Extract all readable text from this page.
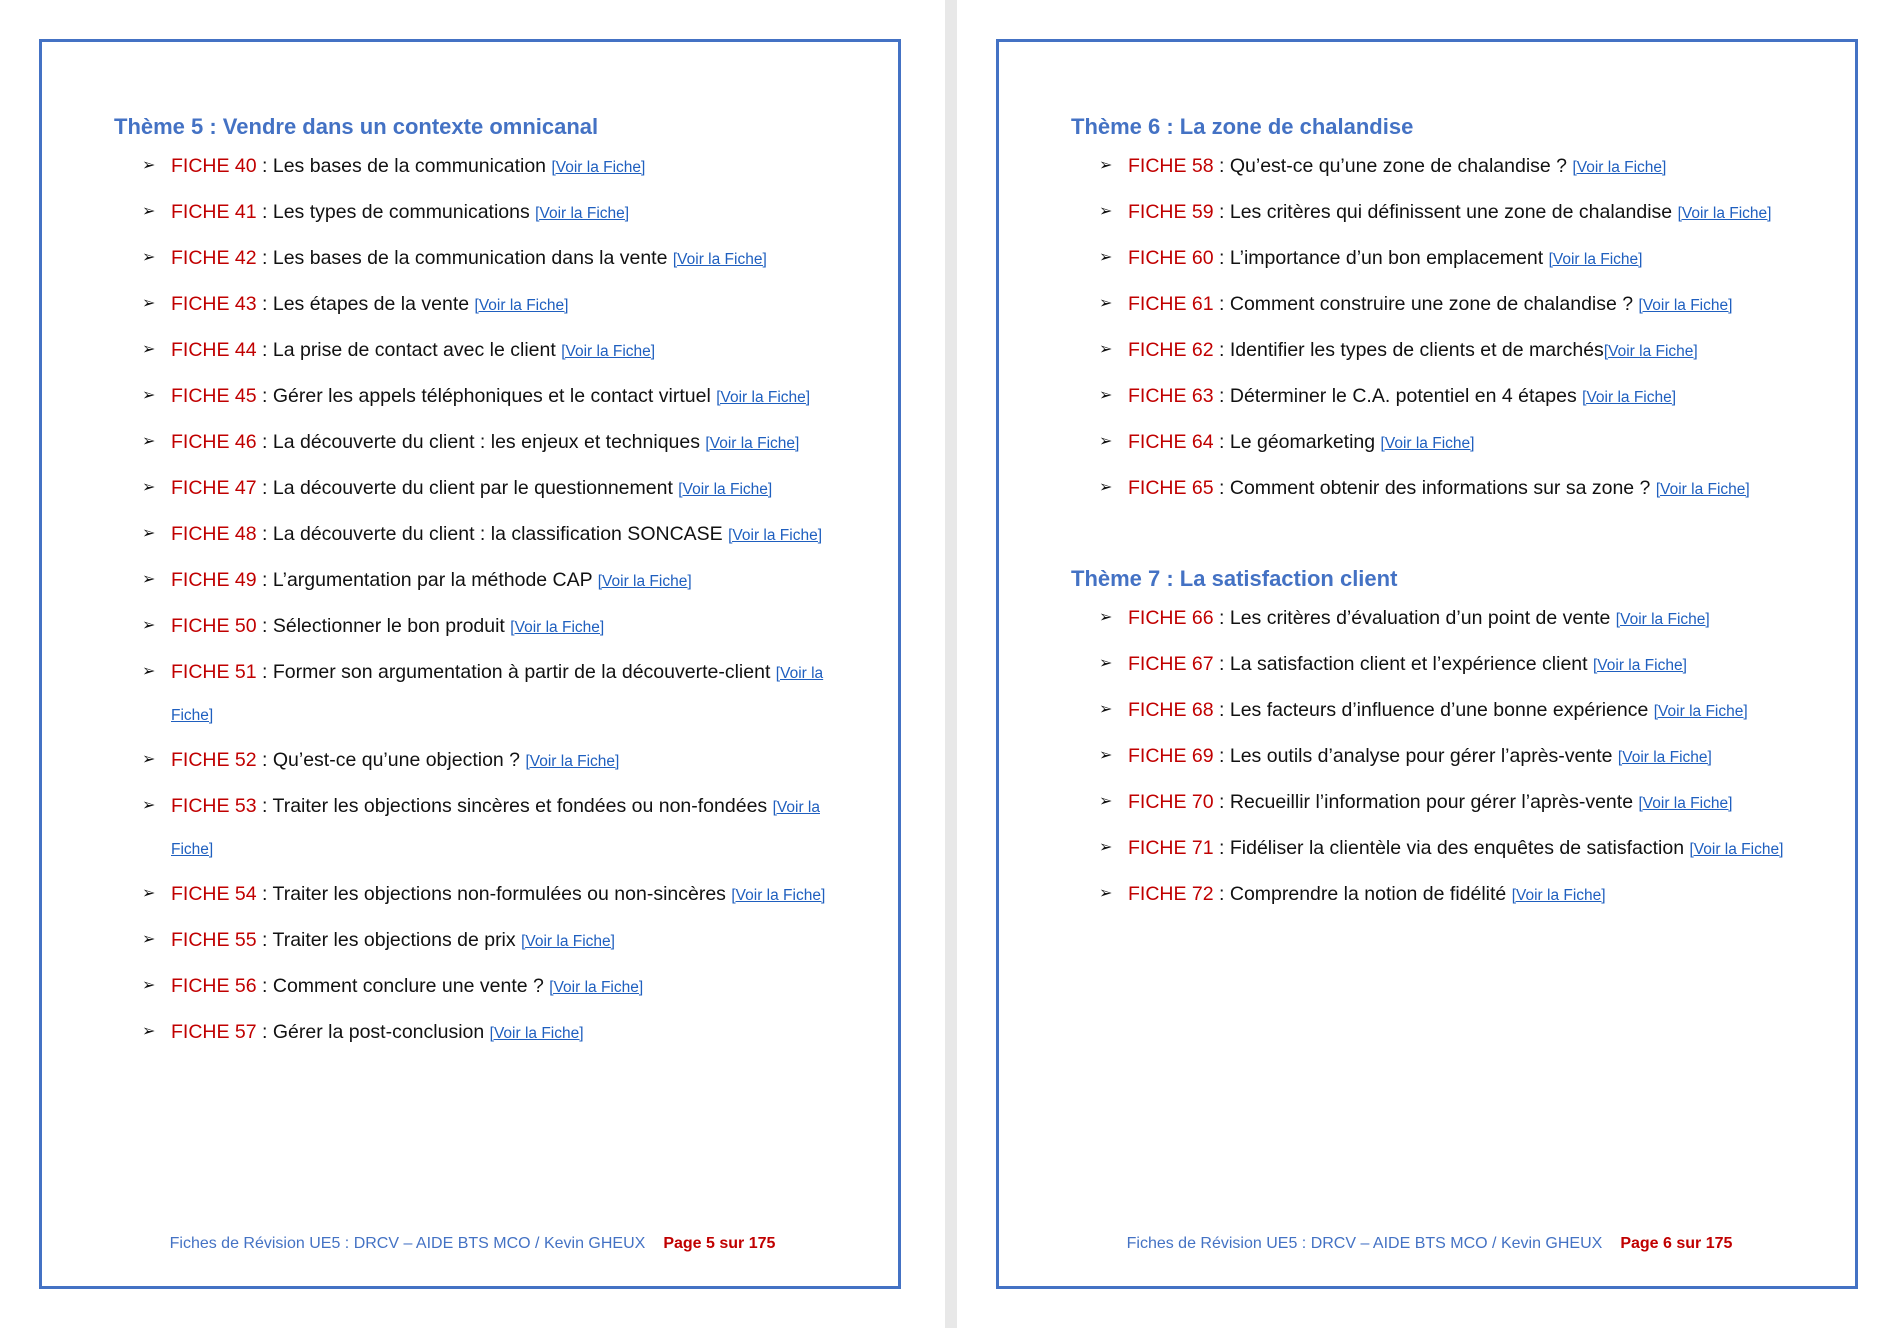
Thème 5 : Vendre dans un contexte omnicanal
➢ FICHE 40 : Les bases de la communication [Voir la Fiche]
➢ FICHE 41 : Les types de communications [Voir la Fiche]
➢ FICHE 42 : Les bases de la communication dans la vente [Voir la Fiche]
➢ FICHE 43 : Les étapes de la vente [Voir la Fiche]
➢ FICHE 44 : La prise de contact avec le client [Voir la Fiche]
➢ FICHE 45 : Gérer les appels téléphoniques et le contact virtuel [Voir la Fiche]
➢ FICHE 46 : La découverte du client : les enjeux et techniques [Voir la Fiche]
➢ FICHE 47 : La découverte du client par le questionnement [Voir la Fiche]
➢ FICHE 48 : La découverte du client : la classification SONCASE [Voir la Fiche]
➢ FICHE 49 : L’argumentation par la méthode CAP [Voir la Fiche]
➢ FICHE 50 : Sélectionner le bon produit [Voir la Fiche]
➢ FICHE 51 : Former son argumentation à partir de la découverte-client [Voir la Fiche]
➢ FICHE 52 : Qu’est-ce qu’une objection ? [Voir la Fiche]
➢ FICHE 53 : Traiter les objections sincères et fondées ou non-fondées [Voir la Fiche]
➢ FICHE 54 : Traiter les objections non-formulées ou non-sincères [Voir la Fiche]
➢ FICHE 55 : Traiter les objections de prix [Voir la Fiche]
➢ FICHE 56 : Comment conclure une vente ? [Voir la Fiche]
➢ FICHE 57 : Gérer la post-conclusion [Voir la Fiche]
Fiches de Révision UE5 : DRCV – AIDE BTS MCO / Kevin GHEUX Page 5 sur 175
Thème 6 : La zone de chalandise
➢ FICHE 58 : Qu’est-ce qu’une zone de chalandise ? [Voir la Fiche]
➢ FICHE 59 : Les critères qui définissent une zone de chalandise [Voir la Fiche]
➢ FICHE 60 : L’importance d’un bon emplacement [Voir la Fiche]
➢ FICHE 61 : Comment construire une zone de chalandise ? [Voir la Fiche]
➢ FICHE 62 : Identifier les types de clients et de marchés[Voir la Fiche]
➢ FICHE 63 : Déterminer le C.A. potentiel en 4 étapes [Voir la Fiche]
➢ FICHE 64 : Le géomarketing [Voir la Fiche]
➢ FICHE 65 : Comment obtenir des informations sur sa zone ? [Voir la Fiche]
Thème 7 : La satisfaction client
➢ FICHE 66 : Les critères d’évaluation d’un point de vente [Voir la Fiche]
➢ FICHE 67 : La satisfaction client et l’expérience client [Voir la Fiche]
➢ FICHE 68 : Les facteurs d’influence d’une bonne expérience [Voir la Fiche]
➢ FICHE 69 : Les outils d’analyse pour gérer l’après-vente [Voir la Fiche]
➢ FICHE 70 : Recueillir l’information pour gérer l’après-vente [Voir la Fiche]
➢ FICHE 71 : Fidéliser la clientèle via des enquêtes de satisfaction [Voir la Fiche]
➢ FICHE 72 : Comprendre la notion de fidélité [Voir la Fiche]
Fiches de Révision UE5 : DRCV – AIDE BTS MCO / Kevin GHEUX Page 6 sur 175
